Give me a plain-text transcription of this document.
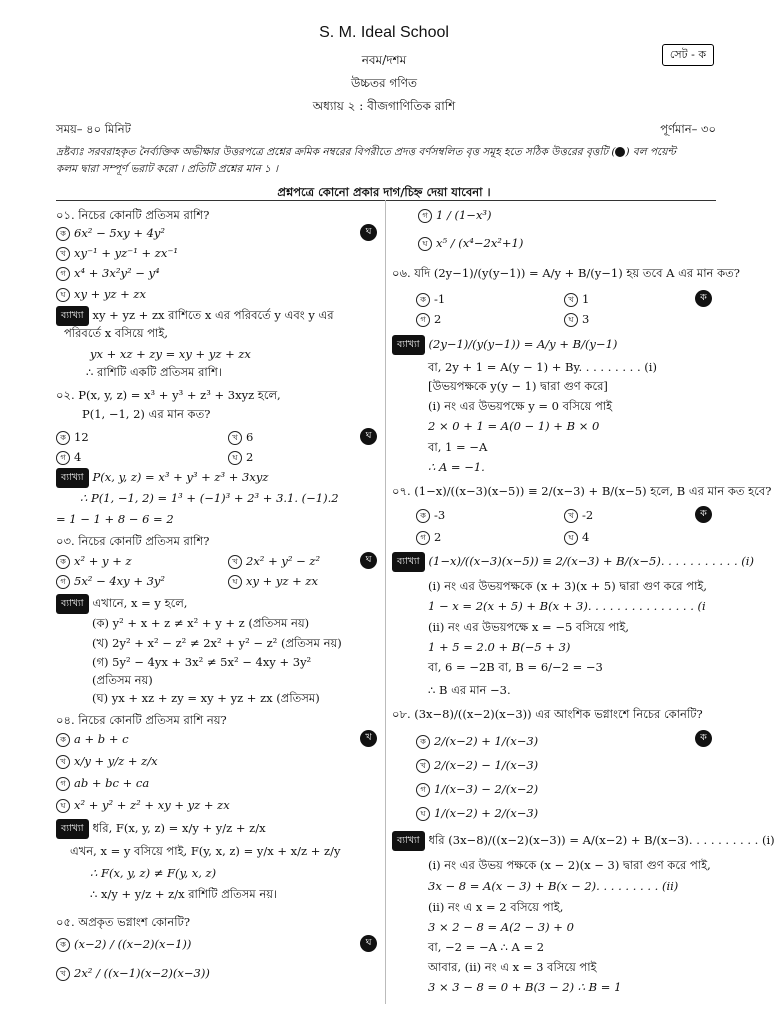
S. M. Ideal School
নবম/দশম
উচ্চতর গণিত
অধ্যায় ২ : বীজগাণিতিক রাশি
সেট - ক
সময়– ৪০ মিনিট	পূর্ণমান– ৩০
দ্রষ্টব্যঃ সরবরাহকৃত নৈর্ব্যক্তিক অভীক্ষার উত্তরপত্রে প্রশ্নের ক্রমিক নম্বরের বিপরীতে প্রদত্ত বর্ণসম্বলিত বৃত্ত সমূহ হতে সঠিক উত্তরের বৃত্তটি ( ) বল পয়েন্ট
কলম দ্বারা সম্পূর্ণ ভরাট করো । প্রতিটি প্রশ্নের মান ১ ।
প্রশ্নপত্রে কোনো প্রকার দাগ/চিহ্ন দেয়া যাবেনা ।
০১. নিচের কোনটি প্রতিসম রাশি?
ক 6x² − 5xy + 4y²
খ xy⁻¹ + yz⁻¹ + zx⁻¹
গ x⁴ + 3x²y² − y⁴
ঘ xy + yz + zx
ব্যাখ্যা xy + yz + zx রাশিতে x এর পরিবর্তে y এবং y এর
পরিবর্তে x বসিয়ে পাই,
yx + xz + zy = xy + yz + zx
∴ রাশিটি একটি প্রতিসম রাশি।
০২. P(x, y, z) = x³ + y³ + z³ + 3xyz হলে,
P(1, −1, 2) এর মান কত?
ক 12	খ 6
গ 4	ঘ 2
ব্যাখ্যা P(x, y, z) = x³ + y³ + z³ + 3xyz
∴ P(1, −1, 2) = 1³ + (−1)³ + 2³ + 3.1. (−1).2
= 1 − 1 + 8 − 6 = 2
০৩. নিচের কোনটি প্রতিসম রাশি?
ক x² + y + z	খ 2x² + y² − z²
গ 5x² − 4xy + 3y²	ঘ xy + yz + zx
ব্যাখ্যা এখানে, x = y হলে,
(ক) y² + x + z ≠ x² + y + z (প্রতিসম নয়)
(খ) 2y² + x² − z² ≠ 2x² + y² − z² (প্রতিসম নয়)
(গ) 5y² − 4yx + 3x² ≠ 5x² − 4xy + 3y²
(প্রতিসম নয়)
(ঘ) yx + xz + zy = xy + yz + zx (প্রতিসম)
০৪. নিচের কোনটি প্রতিসম রাশি নয়?
ক a + b + c
খ x/y + y/z + z/x
গ ab + bc + ca
ঘ x² + y² + z² + xy + yz + zx
ব্যাখ্যা ধরি, F(x, y, z) = x/y + y/z + z/x
এখন, x = y বসিয়ে পাই, F(y, x, z) = y/x + x/z + z/y
∴ F(x, y, z) ≠ F(y, x, z)
∴ x/y + y/z + z/x রাশিটি প্রতিসম নয়।
০৫. অপ্রকৃত ভগ্নাংশ কোনটি?
ক (x−2) / ((x−2)(x−1))
খ 2x² / ((x−1)(x−2)(x−3))
ঘ
ঘ
ঘ
খ
ঘ
গ 1 / (1−x³)
ঘ x⁵ / (x⁴−2x²+1)
০৬. যদি (2y−1)/(y(y−1)) = A/y + B/(y−1) হয় তবে A এর মান কত?
ক -1	খ 1
গ 2	ঘ 3
ব্যাখ্যা (2y−1)/(y(y−1)) = A/y + B/(y−1)
বা, 2y + 1 = A(y − 1) + By. . . . . . . . . (i)
[উভয়পক্ষকে y(y − 1) দ্বারা গুণ করে]
(i) নং এর উভয়পক্ষে y = 0 বসিয়ে পাই
2 × 0 + 1 = A(0 − 1) + B × 0
বা, 1 = −A
∴ A = −1.
০৭. (1−x)/((x−3)(x−5)) ≡ 2/(x−3) + B/(x−5) হলে, B এর মান কত হবে?
ক -3	খ -2
গ 2	ঘ 4
ব্যাখ্যা (1−x)/((x−3)(x−5)) ≡ 2/(x−3) + B/(x−5). . . . . . . . . . . (i)
(i) নং এর উভয়পক্ষকে (x + 3)(x + 5) দ্বারা গুণ করে পাই,
1 − x = 2(x + 5) + B(x + 3). . . . . . . . . . . . . . . (i
(ii) নং এর উভয়পক্ষে x = −5 বসিয়ে পাই,
1 + 5 = 2.0 + B(−5 + 3)
বা, 6 = −2B বা, B = 6/−2 = −3
∴ B এর মান −3.
০৮. (3x−8)/((x−2)(x−3)) এর আংশিক ভগ্নাংশে নিচের কোনটি?
ক 2/(x−2) + 1/(x−3)
খ 2/(x−2) − 1/(x−3)
গ 1/(x−3) − 2/(x−2)
ঘ 1/(x−2) + 2/(x−3)
ব্যাখ্যা ধরি (3x−8)/((x−2)(x−3)) = A/(x−2) + B/(x−3). . . . . . . . . . (i)
(i) নং এর উভয় পক্ষকে (x − 2)(x − 3) দ্বারা গুণ করে পাই,
3x − 8 = A(x − 3) + B(x − 2). . . . . . . . . (ii)
(ii) নং এ x = 2 বসিয়ে পাই,
3 × 2 − 8 = A(2 − 3) + 0
বা, −2 = −A ∴ A = 2
আবার, (ii) নং এ x = 3 বসিয়ে পাই
3 × 3 − 8 = 0 + B(3 − 2) ∴ B = 1
ক
ক
ক
